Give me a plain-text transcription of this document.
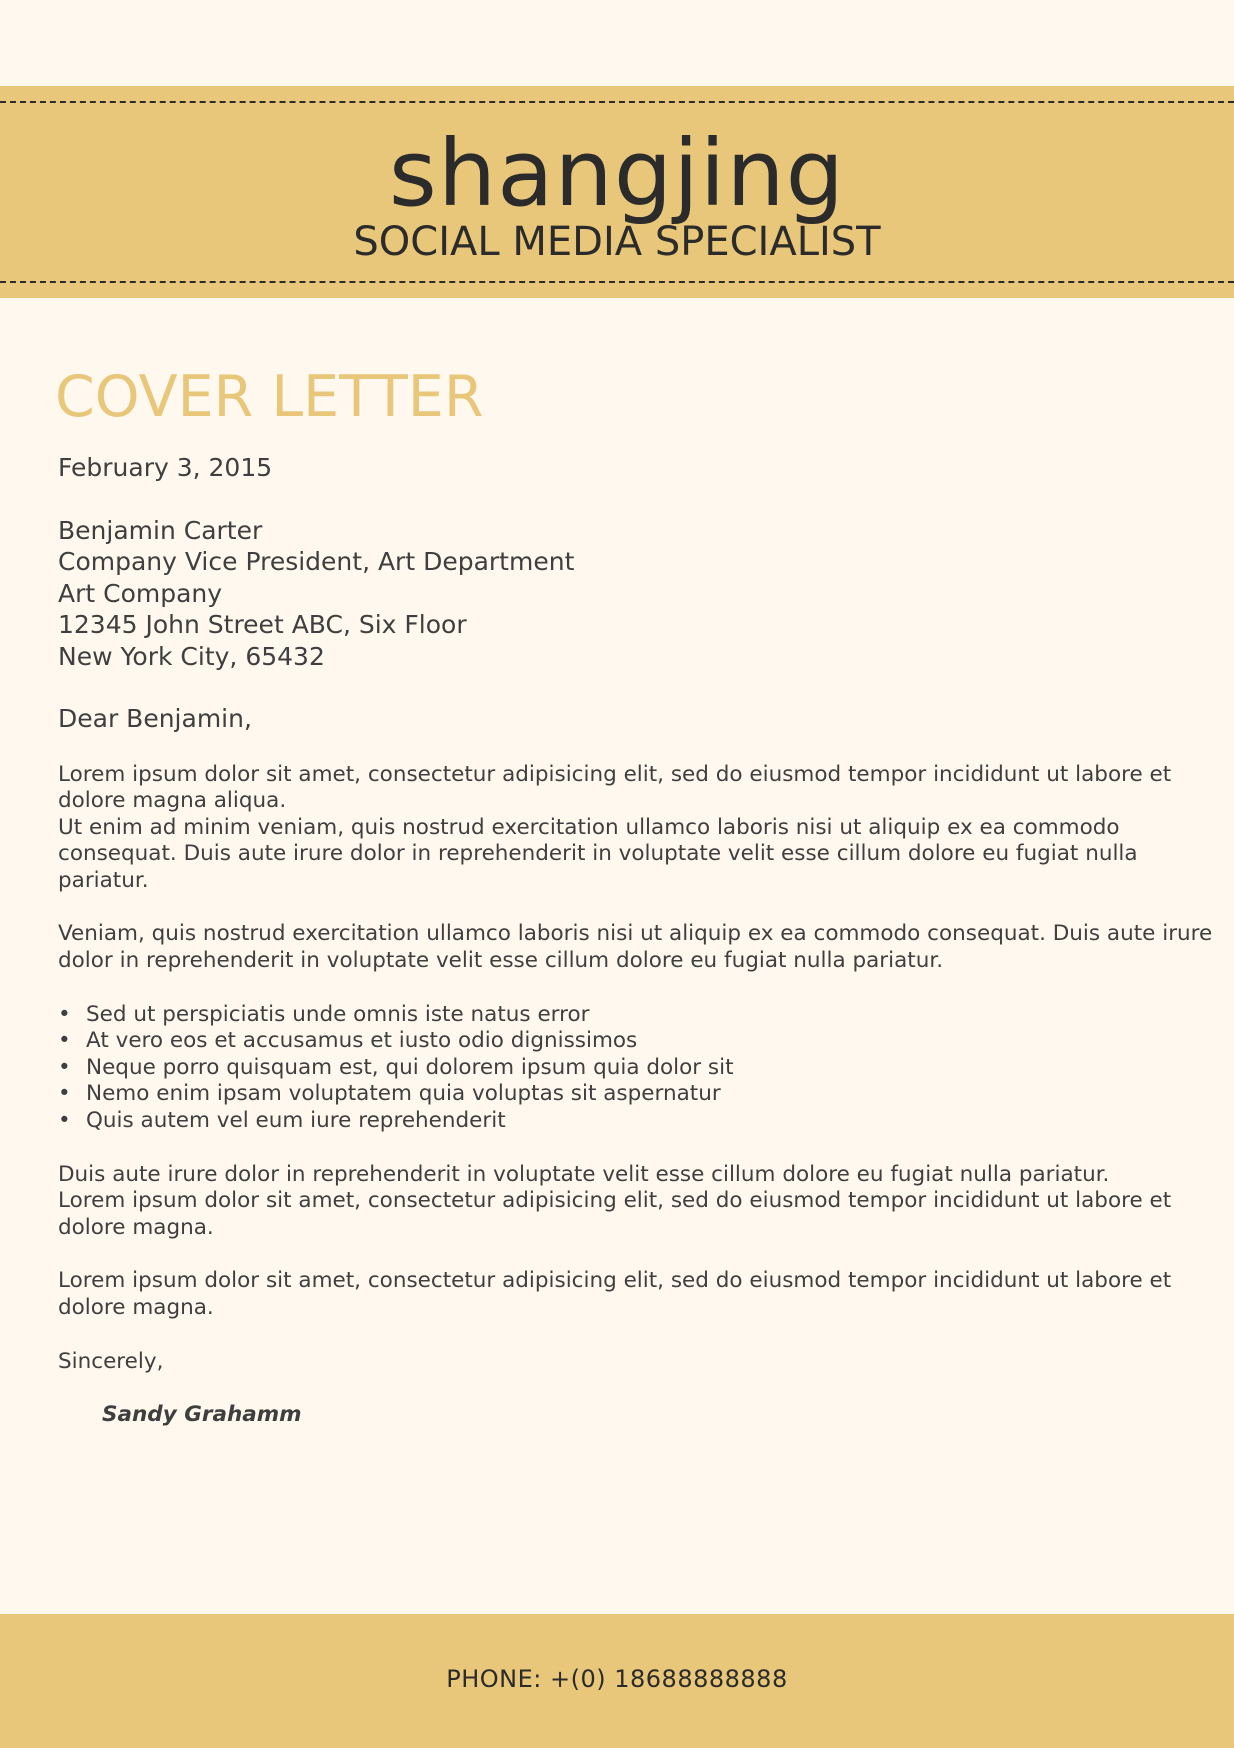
shangjing
SOCIAL MEDIA SPECIALIST
COVER LETTER

February 3, 2015

Benjamin Carter

Company Vice President, Art Department

Art Company

12345 John Street ABC, Six Floor

New York City, 65432

Dear Benjamin,

Lorem ipsum dolor sit amet, consectetur adipisicing elit, sed do eiusmod tempor incididunt ut labore et dolore magna aliqua.
Ut enim ad minim veniam, quis nostrud exercitation ullamco laboris nisi ut aliquip ex ea commodo consequat. Duis aute irure dolor in reprehenderit in voluptate velit esse cillum dolore eu fugiat nulla pariatur.

Veniam, quis nostrud exercitation ullamco laboris nisi ut aliquip ex ea commodo consequat. Duis aute irure dolor in reprehenderit in voluptate velit esse cillum dolore eu fugiat nulla pariatur.

• Sed ut perspiciatis unde omnis iste natus error
• At vero eos et accusamus et iusto odio dignissimos
• Neque porro quisquam est, qui dolorem ipsum quia dolor sit
• Nemo enim ipsam voluptatem quia voluptas sit aspernatur
• Quis autem vel eum iure reprehenderit
Duis aute irure dolor in reprehenderit in voluptate velit esse cillum dolore eu fugiat nulla pariatur.
Lorem ipsum dolor sit amet, consectetur adipisicing elit, sed do eiusmod tempor incididunt ut labore et dolore magna.

Lorem ipsum dolor sit amet, consectetur adipisicing elit, sed do eiusmod tempor incididunt ut labore et dolore magna.

Sincerely,

Sandy Grahamm

PHONE: +(0) 18688888888
